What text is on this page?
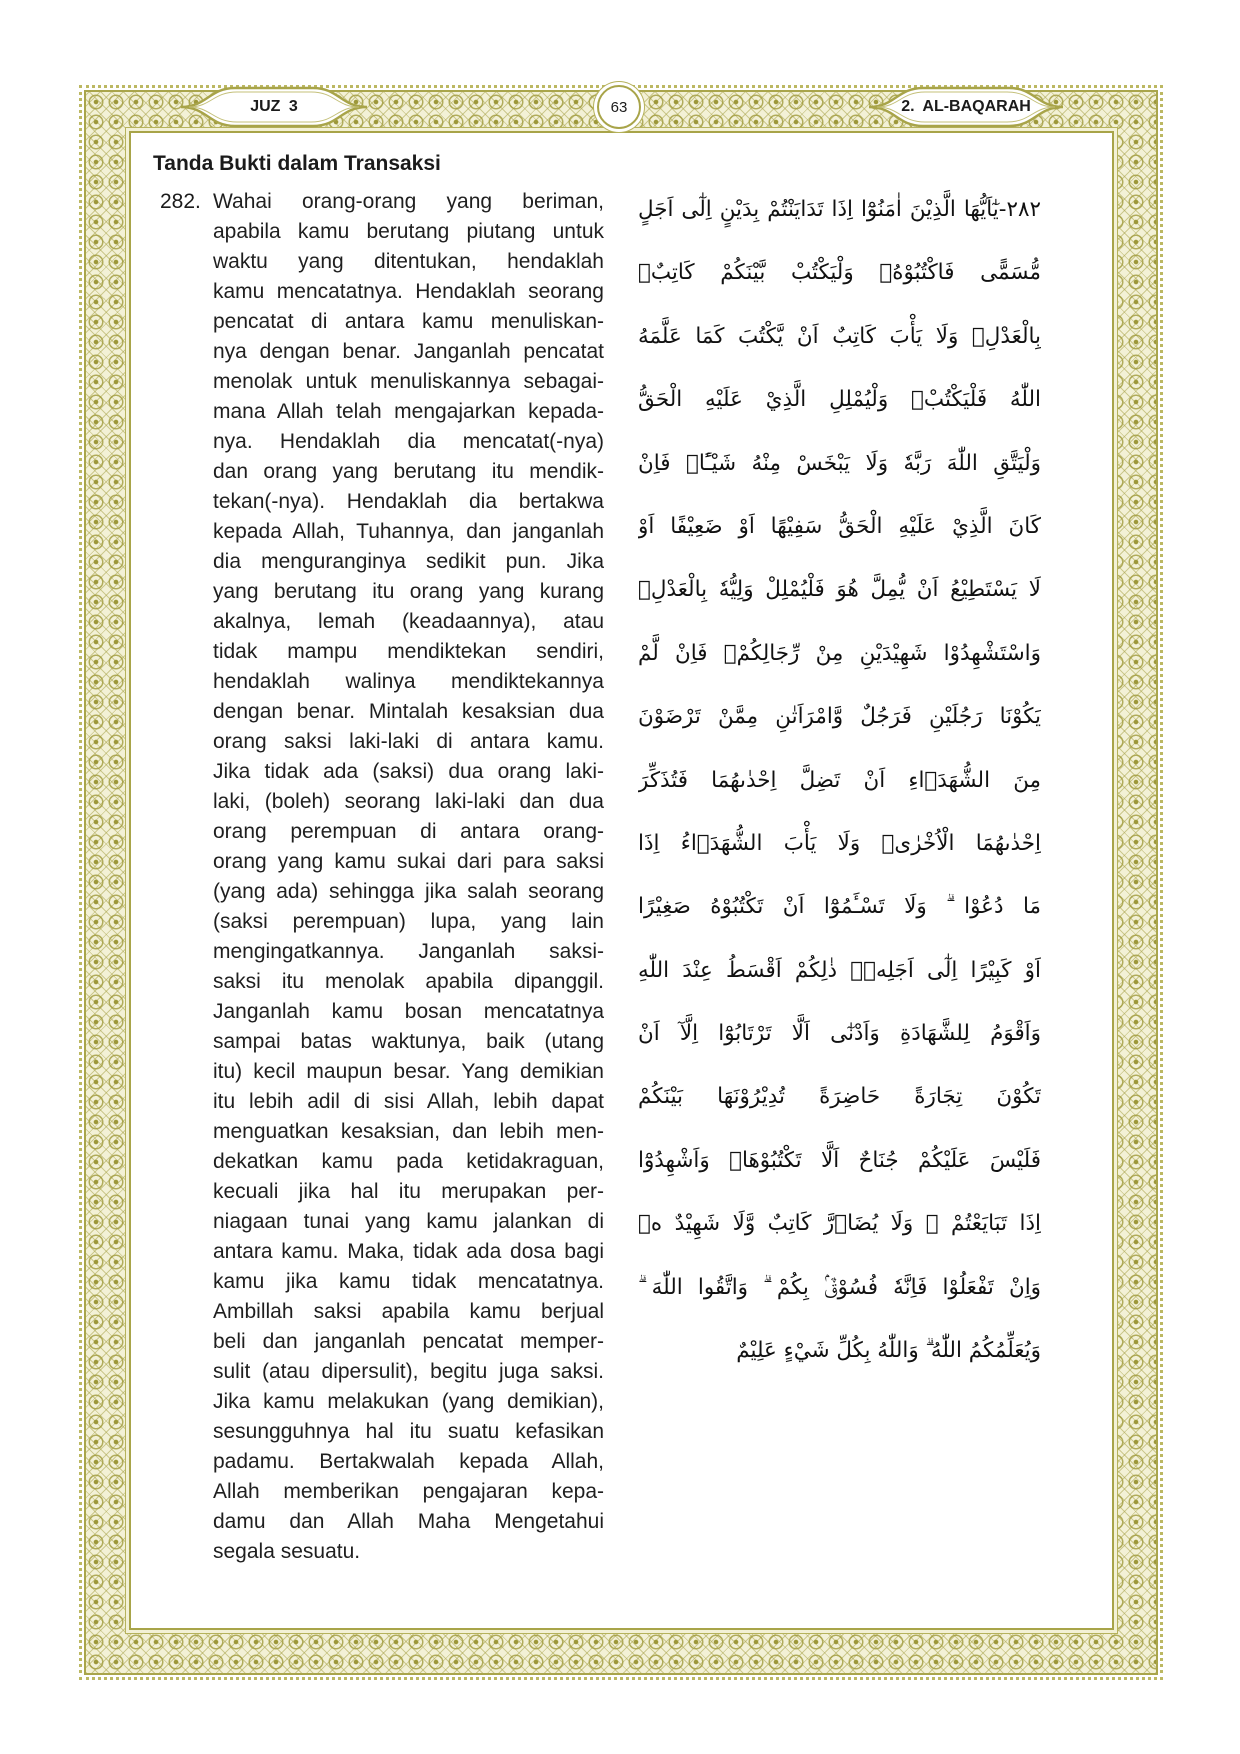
JUZ 3	63	2. AL-BAQARAH
Tanda Bukti dalam Transaksi
282. Wahai orang-orang yang beriman,
apabila kamu berutang piutang untuk
waktu yang ditentukan, hendaklah
kamu mencatatnya. Hendaklah seorang
pencatat di antara kamu menuliskan-
nya dengan benar. Janganlah pencatat
menolak untuk menuliskannya sebagai-
mana Allah telah mengajarkan kepada-
nya. Hendaklah dia mencatat(-nya)
dan orang yang berutang itu mendik-
tekan(-nya). Hendaklah dia bertakwa
kepada Allah, Tuhannya, dan janganlah
dia menguranginya sedikit pun. Jika
yang berutang itu orang yang kurang
akalnya, lemah (keadaannya), atau
tidak mampu mendiktekan sendiri,
hendaklah walinya mendiktekannya
dengan benar. Mintalah kesaksian dua
orang saksi laki-laki di antara kamu.
Jika tidak ada (saksi) dua orang laki-
laki, (boleh) seorang laki-laki dan dua
orang perempuan di antara orang-
orang yang kamu sukai dari para saksi
(yang ada) sehingga jika salah seorang
(saksi perempuan) lupa, yang lain
mengingatkannya. Janganlah saksi-
saksi itu menolak apabila dipanggil.
Janganlah kamu bosan mencatatnya
sampai batas waktunya, baik (utang
itu) kecil maupun besar. Yang demikian
itu lebih adil di sisi Allah, lebih dapat
menguatkan kesaksian, dan lebih men-
dekatkan kamu pada ketidakraguan,
kecuali jika hal itu merupakan per-
niagaan tunai yang kamu jalankan di
antara kamu. Maka, tidak ada dosa bagi
kamu jika kamu tidak mencatatnya.
Ambillah saksi apabila kamu berjual
beli dan janganlah pencatat memper-
sulit (atau dipersulit), begitu juga saksi.
Jika kamu melakukan (yang demikian),
sesungguhnya hal itu suatu kefasikan
padamu. Bertakwalah kepada Allah,
Allah memberikan pengajaran kepa-
damu dan Allah Maha Mengetahui
segala sesuatu.
٢٨٢-يٰٓاَيُّهَا الَّذِيْنَ اٰمَنُوْٓا اِذَا تَدَايَنْتُمْ بِدَيْنٍ اِلٰٓى اَجَلٍ
مُّسَمًّى فَاكْتُبُوْهُۗ وَلْيَكْتُبْ بَّيْنَكُمْ كَاتِبٌۢ
بِالْعَدْلِۖ وَلَا يَأْبَ كَاتِبٌ اَنْ يَّكْتُبَ كَمَا عَلَّمَهُ
اللّٰهُ فَلْيَكْتُبْۚ وَلْيُمْلِلِ الَّذِيْ عَلَيْهِ الْحَقُّ
وَلْيَتَّقِ اللّٰهَ رَبَّهٗ وَلَا يَبْخَسْ مِنْهُ شَيْـًٔاۗ فَاِنْ
كَانَ الَّذِيْ عَلَيْهِ الْحَقُّ سَفِيْهًا اَوْ ضَعِيْفًا اَوْ
لَا يَسْتَطِيْعُ اَنْ يُّمِلَّ هُوَ فَلْيُمْلِلْ وَلِيُّهٗ بِالْعَدْلِۗ
وَاسْتَشْهِدُوْا شَهِيْدَيْنِ مِنْ رِّجَالِكُمْۚ فَاِنْ لَّمْ
يَكُوْنَا رَجُلَيْنِ فَرَجُلٌ وَّامْرَاَتٰنِ مِمَّنْ تَرْضَوْنَ
مِنَ الشُّهَدَۤاءِ اَنْ تَضِلَّ اِحْدٰىهُمَا فَتُذَكِّرَ
اِحْدٰىهُمَا الْاُخْرٰىۗ وَلَا يَأْبَ الشُّهَدَۤاءُ اِذَا
مَا دُعُوْا ۗ وَلَا تَسْـَٔمُوْٓا اَنْ تَكْتُبُوْهُ صَغِيْرًا
اَوْ كَبِيْرًا اِلٰٓى اَجَلِهٖۗ ذٰلِكُمْ اَقْسَطُ عِنْدَ اللّٰهِ
وَاَقْوَمُ لِلشَّهَادَةِ وَاَدْنٰٓى اَلَّا تَرْتَابُوْٓا اِلَّآ اَنْ
تَكُوْنَ تِجَارَةً حَاضِرَةً تُدِيْرُوْنَهَا بَيْنَكُمْ
فَلَيْسَ عَلَيْكُمْ جُنَاحٌ اَلَّا تَكْتُبُوْهَاۗ وَاَشْهِدُوْٓا
اِذَا تَبَايَعْتُمْ ۖ وَلَا يُضَاۤرَّ كَاتِبٌ وَّلَا شَهِيْدٌ ەۗ
وَاِنْ تَفْعَلُوْا فَاِنَّهٗ فُسُوْقٌۢ بِكُمْ ۗ وَاتَّقُوا اللّٰهَ ۗ
وَيُعَلِّمُكُمُ اللّٰهُ ۗ وَاللّٰهُ بِكُلِّ شَيْءٍ عَلِيْمٌ
